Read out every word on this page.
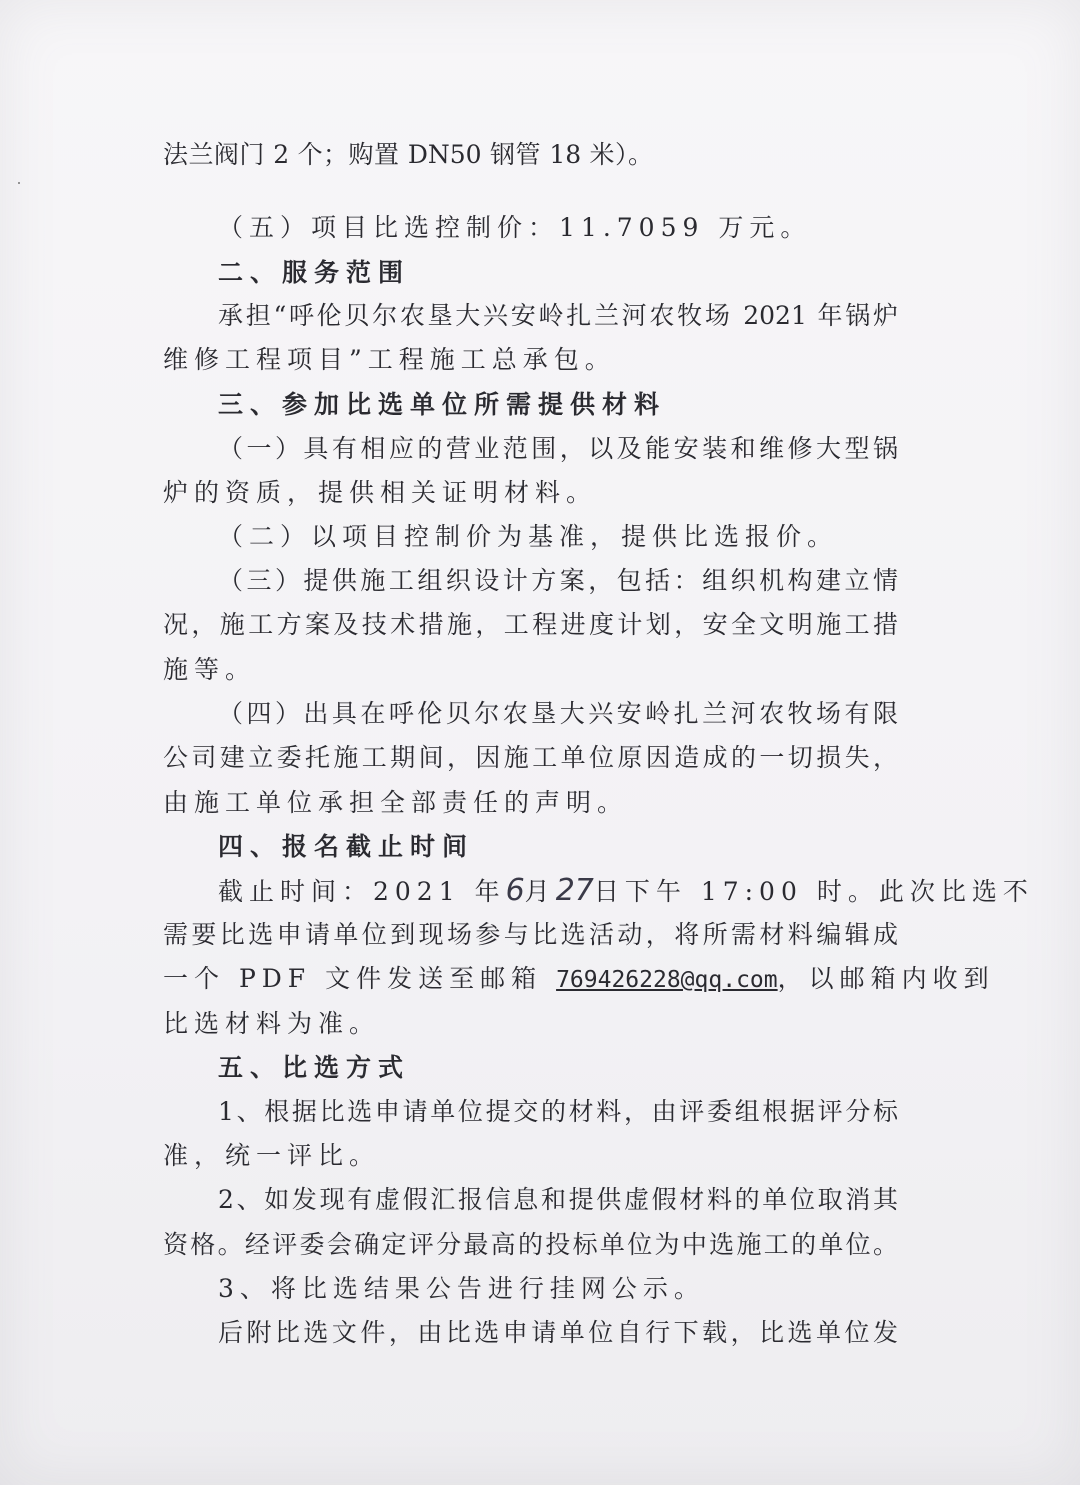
法兰阀门 2 个；购置 DN50 钢管 18 米）。
（五）项目比选控制价：11.7059 万元。
二、服务范围
承担“呼伦贝尔农垦大兴安岭扎兰河农牧场 2021 年锅炉
维修工程项目”工程施工总承包。
三、参加比选单位所需提供材料
（一）具有相应的营业范围，以及能安装和维修大型锅
炉的资质，提供相关证明材料。
（二）以项目控制价为基准，提供比选报价。
（三）提供施工组织设计方案，包括：组织机构建立情
况，施工方案及技术措施，工程进度计划，安全文明施工措
施等。
（四）出具在呼伦贝尔农垦大兴安岭扎兰河农牧场有限
公司建立委托施工期间，因施工单位原因造成的一切损失，
由施工单位承担全部责任的声明。
四、报名截止时间
截止时间：2021 年6月27日下午 17:00 时。此次比选不
需要比选申请单位到现场参与比选活动，将所需材料编辑成
一个 PDF 文件发送至邮箱 769426228@qq.com，以邮箱内收到
比选材料为准。
五、比选方式
1、根据比选申请单位提交的材料，由评委组根据评分标
准，统一评比。
2、如发现有虚假汇报信息和提供虚假材料的单位取消其
资格。经评委会确定评分最高的投标单位为中选施工的单位。
3、将比选结果公告进行挂网公示。
后附比选文件，由比选申请单位自行下载，比选单位发
